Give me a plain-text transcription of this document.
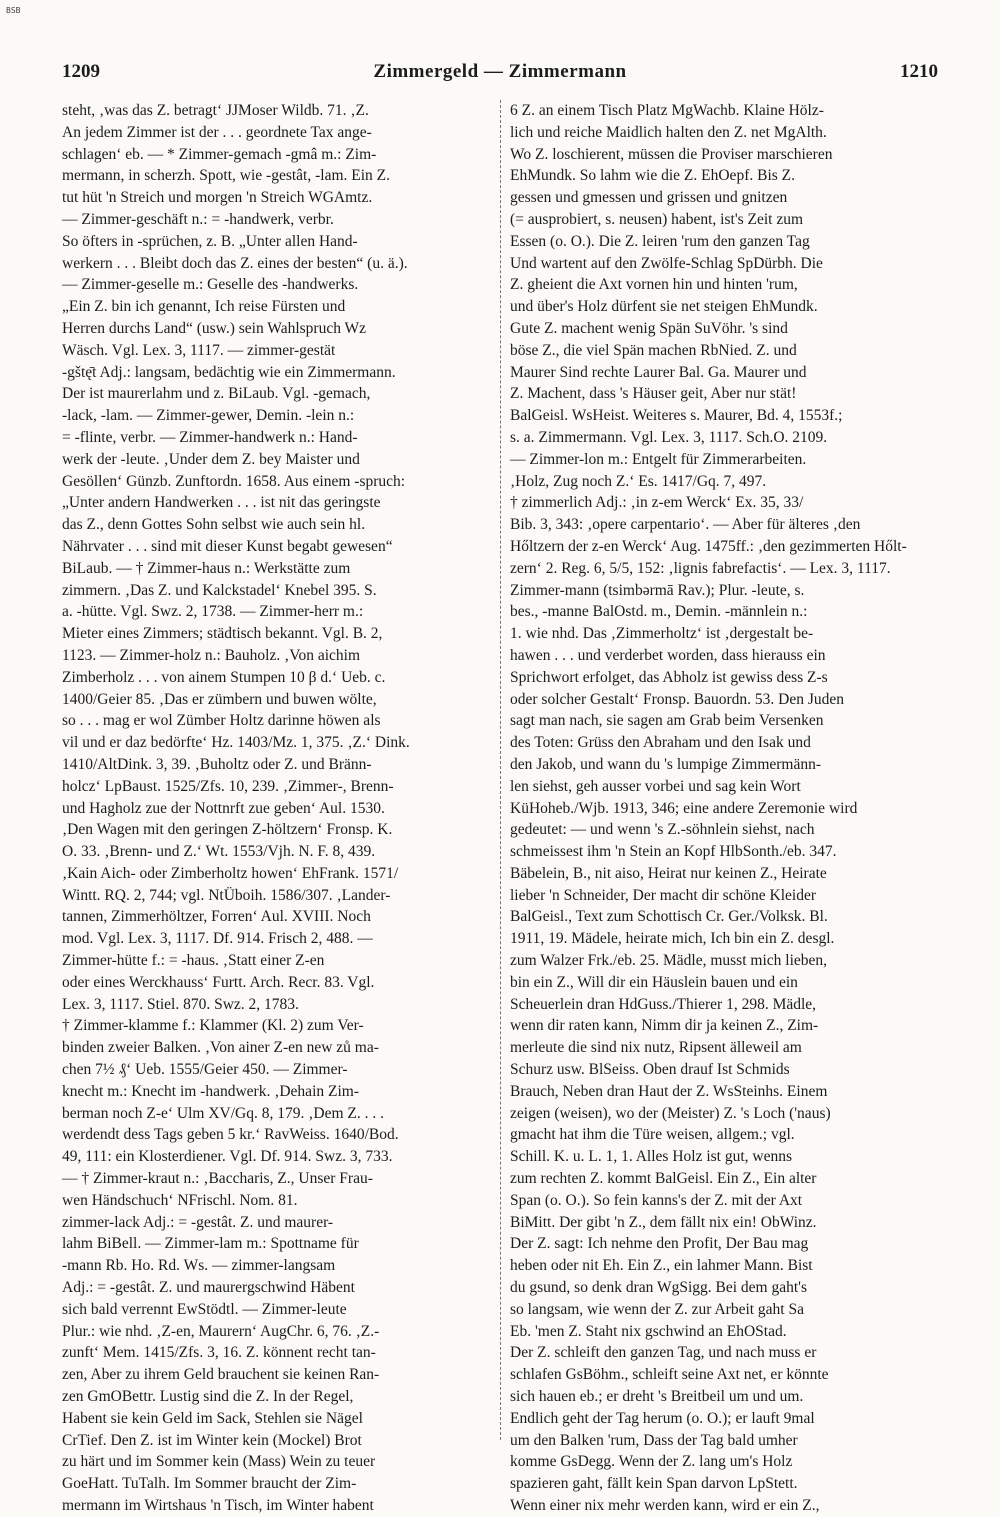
BSB
1209	Zimmergeld — Zimmermann	1210
steht, ‚was das Z. betragt‘ JJMoser Wildb. 71. ‚Z.
An jedem Zimmer ist der . . . geordnete Tax ange-
schlagen‘ eb. — * Zimmer-gemach -gmâ m.: Zim-
mermann, in scherzh. Spott, wie -gestât, -lam. Ein Z.
tut hüt 'n Streich und morgen 'n Streich WGAmtz.
— Zimmer-geschäft n.: = -handwerk, verbr.
So öfters in -sprüchen, z. B. „Unter allen Hand-
werkern . . . Bleibt doch das Z. eines der besten“ (u. ä.).
— Zimmer-geselle m.: Geselle des -handwerks.
„Ein Z. bin ich genannt, Ich reise Fürsten und
Herren durchs Land“ (usw.) sein Wahlspruch Wz
Wäsch. Vgl. Lex. 3, 1117. — zimmer-gestät
-gštę̄t Adj.: langsam, bedächtig wie ein Zimmermann.
Der ist maurerlahm und z. BiLaub. Vgl. -gemach,
-lack, -lam. — Zimmer-gewer, Demin. -lein n.:
= -flinte, verbr. — Zimmer-handwerk n.: Hand-
werk der -leute. ‚Under dem Z. bey Maister und
Gesöllen‘ Günzb. Zunftordn. 1658. Aus einem -spruch:
„Unter andern Handwerken . . . ist nit das geringste
das Z., denn Gottes Sohn selbst wie auch sein hl.
Nährvater . . . sind mit dieser Kunst begabt gewesen“
BiLaub. — † Zimmer-haus n.: Werkstätte zum
zimmern. ‚Das Z. und Kalckstadel‘ Knebel 395. S.
a. -hütte. Vgl. Swz. 2, 1738. — Zimmer-herr m.:
Mieter eines Zimmers; städtisch bekannt. Vgl. B. 2,
1123. — Zimmer-holz n.: Bauholz. ‚Von aichim
Zimberholz . . . von ainem Stumpen 10 β d.‘ Ueb. c.
1400/Geier 85. ‚Das er zümbern und buwen wölte,
so . . . mag er wol Zümber Holtz darinne höwen als
vil und er daz bedörfte‘ Hz. 1403/Mz. 1, 375. ‚Z.‘ Dink.
1410/AltDink. 3, 39. ‚Buholtz oder Z. und Bränn-
holcz‘ LpBaust. 1525/Zfs. 10, 239. ‚Zimmer-, Brenn-
und Hagholz zue der Nottnrft zue geben‘ Aul. 1530.
‚Den Wagen mit den geringen Z-höltzern‘ Fronsp. K.
O. 33. ‚Brenn- und Z.‘ Wt. 1553/Vjh. N. F. 8, 439.
‚Kain Aich- oder Zimberholtz howen‘ EhFrank. 1571/
Wintt. RQ. 2, 744; vgl. NtÜboih. 1586/307. ‚Lander-
tannen, Zimmerhöltzer, Forren‘ Aul. XVIII. Noch
mod. Vgl. Lex. 3, 1117. Df. 914. Frisch 2, 488. —
Zimmer-hütte f.: = -haus. ‚Statt einer Z-en
oder eines Werckhauss‘ Furtt. Arch. Recr. 83. Vgl.
Lex. 3, 1117. Stiel. 870. Swz. 2, 1783.
† Zimmer-klamme f.: Klammer (Kl. 2) zum Ver-
binden zweier Balken. ‚Von ainer Z-en new zů ma-
chen 7½ ₰‘ Ueb. 1555/Geier 450. — Zimmer-
knecht m.: Knecht im -handwerk. ‚Dehain Zim-
berman noch Z-e‘ Ulm XV/Gq. 8, 179. ‚Dem Z. . . .
werdendt dess Tags geben 5 kr.‘ RavWeiss. 1640/Bod.
49, 111: ein Klosterdiener. Vgl. Df. 914. Swz. 3, 733.
— † Zimmer-kraut n.: ‚Baccharis, Z., Unser Frau-
wen Händschuch‘ NFrischl. Nom. 81.
zimmer-lack Adj.: = -gestât. Z. und maurer-
lahm BiBell. — Zimmer-lam m.: Spottname für
-mann Rb. Ho. Rd. Ws. — zimmer-langsam
Adj.: = -gestât. Z. und maurergschwind Häbent
sich bald verrennt EwStödtl. — Zimmer-leute
Plur.: wie nhd. ‚Z-en, Maurern‘ AugChr. 6, 76. ‚Z.-
zunft‘ Mem. 1415/Zfs. 3, 16. Z. könnent recht tan-
zen, Aber zu ihrem Geld brauchent sie keinen Ran-
zen GmOBettr. Lustig sind die Z. In der Regel,
Habent sie kein Geld im Sack, Stehlen sie Nägel
CrTief. Den Z. ist im Winter kein (Mockel) Brot
zu härt und im Sommer kein (Mass) Wein zu teuer
GoeHatt. TuTalh. Im Sommer braucht der Zim-
mermann im Wirtshaus 'n Tisch, im Winter habent
6 Z. an einem Tisch Platz MgWachb. Klaine Hölz-
lich und reiche Maidlich halten den Z. net MgAlth.
Wo Z. loschierent, müssen die Proviser marschieren
EhMundk. So lahm wie die Z. EhOepf. Bis Z.
gessen und gmessen und grissen und gnitzen
(= ausprobiert, s. neusen) habent, ist's Zeit zum
Essen (o. O.). Die Z. leiren 'rum den ganzen Tag
Und wartent auf den Zwölfe-Schlag SpDürbh. Die
Z. gheient die Axt vornen hin und hinten 'rum,
und über's Holz dürfent sie net steigen EhMundk.
Gute Z. machent wenig Spän SuVöhr. 's sind
böse Z., die viel Spän machen RbNied. Z. und
Maurer Sind rechte Laurer Bal. Ga. Maurer und
Z. Machent, dass 's Häuser geit, Aber nur stät!
BalGeisl. WsHeist. Weiteres s. Maurer, Bd. 4, 1553f.;
s. a. Zimmermann. Vgl. Lex. 3, 1117. Sch.O. 2109.
— Zimmer-lon m.: Entgelt für Zimmerarbeiten.
‚Holz, Zug noch Z.‘ Es. 1417/Gq. 7, 497.
† zimmerlich Adj.: ‚in z-em Werck‘ Ex. 35, 33/
Bib. 3, 343: ‚opere carpentario‘. — Aber für älteres ‚den
Hőltzern der z-en Werck‘ Aug. 1475ff.: ‚den gezimmerten Hőlt-
zern‘ 2. Reg. 6, 5/5, 152: ‚lignis fabrefactis‘. — Lex. 3, 1117.
Zimmer-mann (tsimbərmā Rav.); Plur. -leute, s.
bes., -manne BalOstd. m., Demin. -männlein n.:
1. wie nhd. Das ‚Zimmerholtz‘ ist ‚dergestalt be-
hawen . . . und verderbet worden, dass hierauss ein
Sprichwort erfolget, das Abholz ist gewiss dess Z-s
oder solcher Gestalt‘ Fronsp. Bauordn. 53. Den Juden
sagt man nach, sie sagen am Grab beim Versenken
des Toten: Grüss den Abraham und den Isak und
den Jakob, und wann du 's lumpige Zimmermänn-
len siehst, geh ausser vorbei und sag kein Wort
KüHoheb./Wjb. 1913, 346; eine andere Zeremonie wird
gedeutet: — und wenn 's Z.-söhnlein siehst, nach
schmeissest ihm 'n Stein an Kopf HlbSonth./eb. 347.
Bäbelein, B., nit aiso, Heirat nur keinen Z., Heirate
lieber 'n Schneider, Der macht dir schöne Kleider
BalGeisl., Text zum Schottisch Cr. Ger./Volksk. Bl.
1911, 19. Mädele, heirate mich, Ich bin ein Z. desgl.
zum Walzer Frk./eb. 25. Mädle, musst mich lieben,
bin ein Z., Will dir ein Häuslein bauen und ein
Scheuerlein dran HdGuss./Thierer 1, 298. Mädle,
wenn dir raten kann, Nimm dir ja keinen Z., Zim-
merleute die sind nix nutz, Ripsent älleweil am
Schurz usw. BlSeiss. Oben drauf Ist Schmids
Brauch, Neben dran Haut der Z. WsSteinhs. Einem
zeigen (weisen), wo der (Meister) Z. 's Loch ('naus)
gmacht hat ihm die Türe weisen, allgem.; vgl.
Schill. K. u. L. 1, 1. Alles Holz ist gut, wenns
zum rechten Z. kommt BalGeisl. Ein Z., Ein alter
Span (o. O.). So fein kanns's der Z. mit der Axt
BiMitt. Der gibt 'n Z., dem fällt nix ein! ObWinz.
Der Z. sagt: Ich nehme den Profit, Der Bau mag
heben oder nit Eh. Ein Z., ein lahmer Mann. Bist
du gsund, so denk dran WgSigg. Bei dem gaht's
so langsam, wie wenn der Z. zur Arbeit gaht Sa
Eb. 'men Z. Staht nix gschwind an EhOStad.
Der Z. schleift den ganzen Tag, und nach muss er
schlafen GsBöhm., schleift seine Axt net, er könnte
sich hauen eb.; er dreht 's Breitbeil um und um.
Endlich geht der Tag herum (o. O.); er lauft 9mal
um den Balken 'rum, Dass der Tag bald umher
komme GsDegg. Wenn der Z. lang um's Holz
spazieren gaht, fällt kein Span darvon LpStett.
Wenn einer nix mehr werden kann, wird er ein Z.,
